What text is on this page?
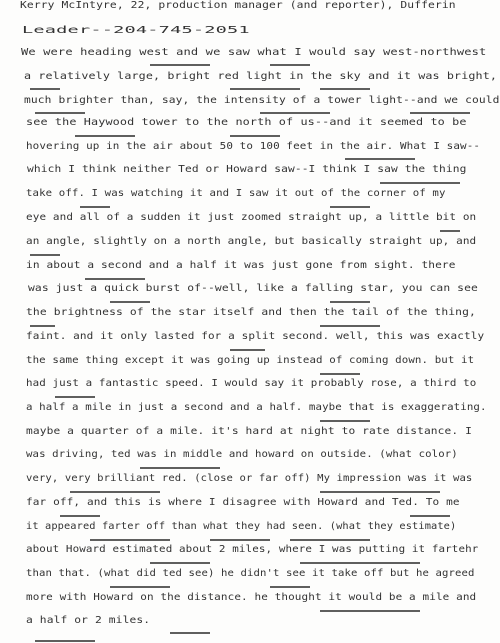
Kerry McIntyre, 22, production manager (and reporter), Dufferin
Leader--204-745-2051
We were heading west and we saw what I would say west-northwest
a relatively large, bright red light in the sky and it was bright,
much brighter than, say, the intensity of a tower light--and we could
see the Haywood tower to the north of us--and it seemed to be
hovering up in the air about 50 to 100 feet in the air. What I saw--
which I think neither Ted or Howard saw--I think I saw the thing
take off. I was watching it and I saw it out of the corner of my
eye and all of a sudden it just zoomed straight up, a little bit on
an angle, slightly on a north angle, but basically straight up, and
in about a second and a half it was just gone from sight. there
was just a quick burst of--well, like a falling star, you can see
the brightness of the star itself and then the tail of the thing,
faint. and it only lasted for a split second. well, this was exactly
the same thing except it was going up instead of coming down. but it
had just a fantastic speed. I would say it probably rose, a third to
a half a mile in just a second and a half. maybe that is exaggerating.
maybe a quarter of a mile. it's hard at night to rate distance. I
was driving, ted was in middle and howard on outside. (what color)
very, very brilliant red. (close or far off) My impression was it was
far off, and this is where I disagree with Howard and Ted. To me
it appeared farter off than what they had seen. (what they estimate)
about Howard estimated about 2 miles, where I was putting it fartehr
than that. (what did ted see) he didn't see it take off but he agreed
more with Howard on the distance. he thought it would be a mile and
a half or 2 miles.
